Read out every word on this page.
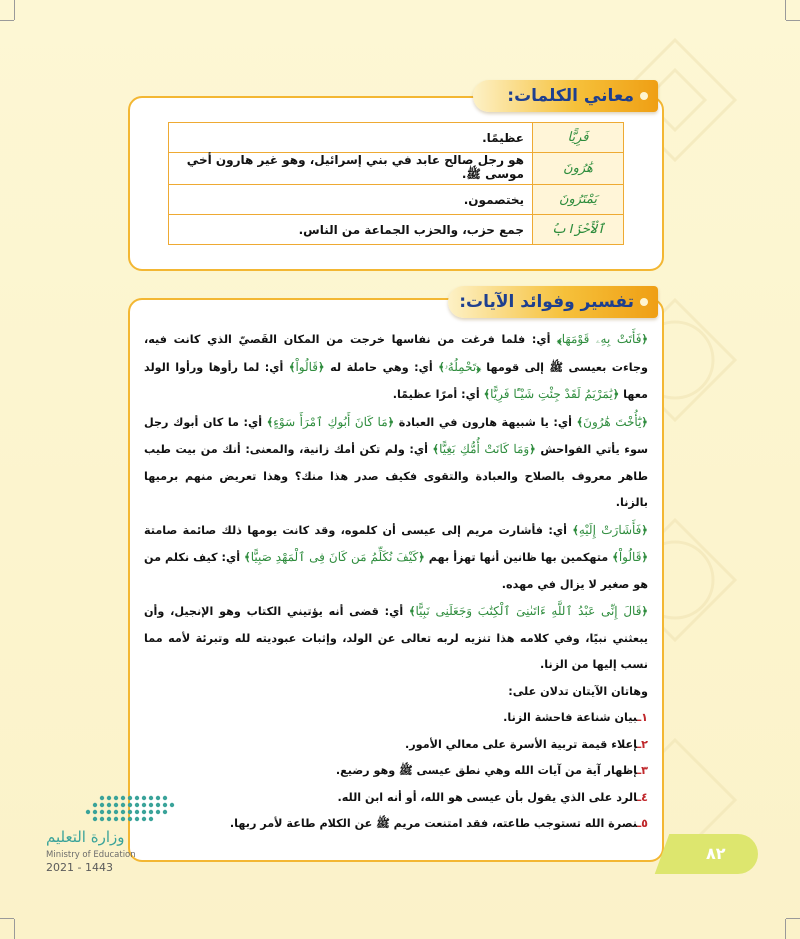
فَرِيًّا	عظيمًا.
هَٰرُونَ	هو رجل صالح عابد في بني إسرائيل، وهو غير هارون أخي موسى ﷺ.
يَمْتَرُونَ	يختصمون.
ٱلْأَحْزَابُ	جمع حزب، والحزب الجماعة من الناس.
معاني الكلمات:

﴿فَأَتَتْ بِهِۦ قَوْمَهَا﴾ أي: فلما فرغت من نفاسها خرجت من المكان القَصيّ الذي كانت فيه، وجاءت بعيسى ﷺ إلى قومها ﴿تَحْمِلُهُۥ﴾ أي: وهي حاملة له ﴿قَالُواْ﴾ أي: لما رأوها ورأوا الولد معها ﴿يَٰمَرْيَمُ لَقَدْ جِئْتِ شَيْـًٔا فَرِيًّا﴾ أي: أمرًا عظيمًا.

﴿يَٰٓأُخْتَ هَٰرُونَ﴾ أي: يا شبيهة هارون في العبادة ﴿مَا كَانَ أَبُوكِ ٱمْرَأَ سَوْءٍ﴾ أي: ما كان أبوك رجل سوء يأتي الفواحش ﴿وَمَا كَانَتْ أُمُّكِ بَغِيًّا﴾ أي: ولم تكن أمك زانية، والمعنى: أنك من بيت طيب طاهر معروف بالصلاح والعبادة والتقوى فكيف صدر هذا منك؟ وهذا تعريض منهم برميها بالزنا.

﴿فَأَشَارَتْ إِلَيْهِ﴾ أي: فأشارت مريم إلى عيسى أن كلموه، وقد كانت يومها ذلك صائمة صامتة ﴿قَالُواْ﴾ متهكمين بها ظانين أنها تهزأ بهم ﴿كَيْفَ نُكَلِّمُ مَن كَانَ فِى ٱلْمَهْدِ صَبِيًّا﴾ أي: كيف نكلم من هو صغير لا يزال في مهده.

﴿قَالَ إِنِّى عَبْدُ ٱللَّهِ ءَاتَىٰنِىَ ٱلْكِتَٰبَ وَجَعَلَنِى نَبِيًّا﴾ أي: قضى أنه يؤتيني الكتاب وهو الإنجيل، وأن يبعثني نبيًا، وفي كلامه هذا تنزيه لربه تعالى عن الولد، وإثبات عبوديته لله وتبرئة لأمه مما نسب إليها من الزنا.

وهاتان الآيتان تدلان على:

١ـبيان شناعة فاحشة الزنا.

٢ـإعلاء قيمة تربية الأسرة على معالي الأمور.

٣ـإظهار آية من آيات الله وهي نطق عيسى ﷺ وهو رضيع.

٤ـالرد على الذي يقول بأن عيسى هو الله، أو أنه ابن الله.

٥ـنصرة الله تستوجب طاعته، فقد امتنعت مريم ﷺ عن الكلام طاعة لأمر ربها.

تفسير وفوائد الآيات:
٨٢
وزارة التعليم
Ministry of Education
2021 - 1443
